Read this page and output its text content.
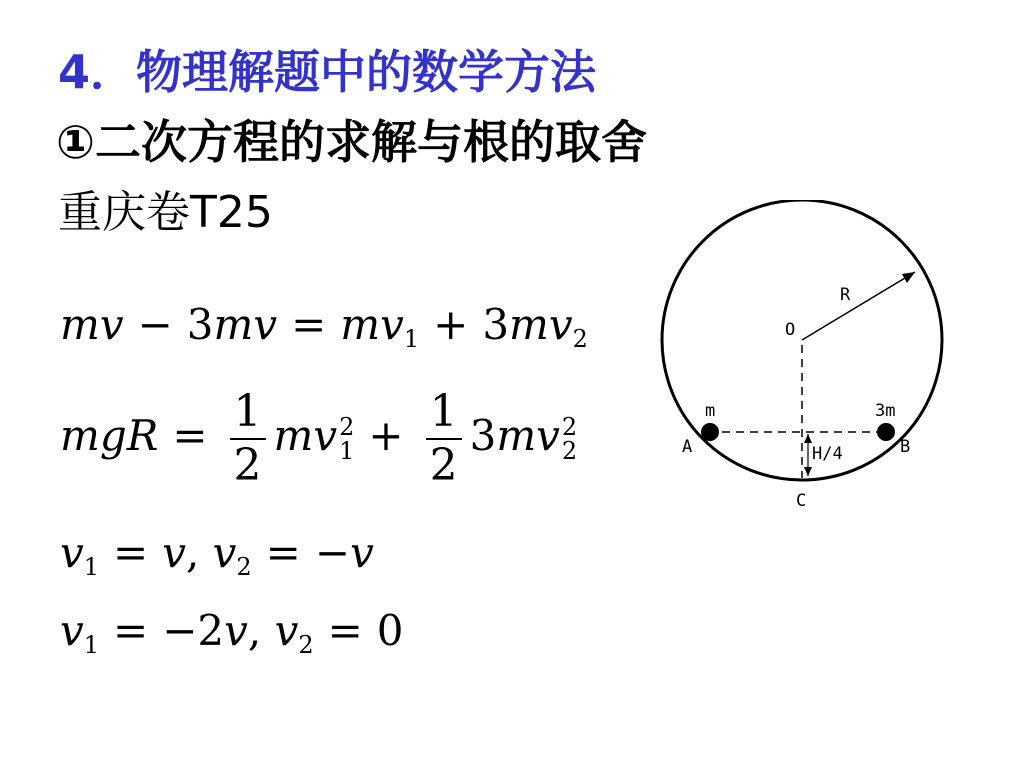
4．物理解题中的数学方法
①二次方程的求解与根的取舍
重庆卷T25
mv − $3mv = mv_1 + 3mv_2$
mgR = $\frac{1}{2}$ mv 2
$1 + \frac{1}{2} 3mv$ 2
2
$v_1 = v$, $v_2 = -v$
$v_1 = -2v$, $v_2 = 0$
R
O
m	3m
A	B
H/4
C
